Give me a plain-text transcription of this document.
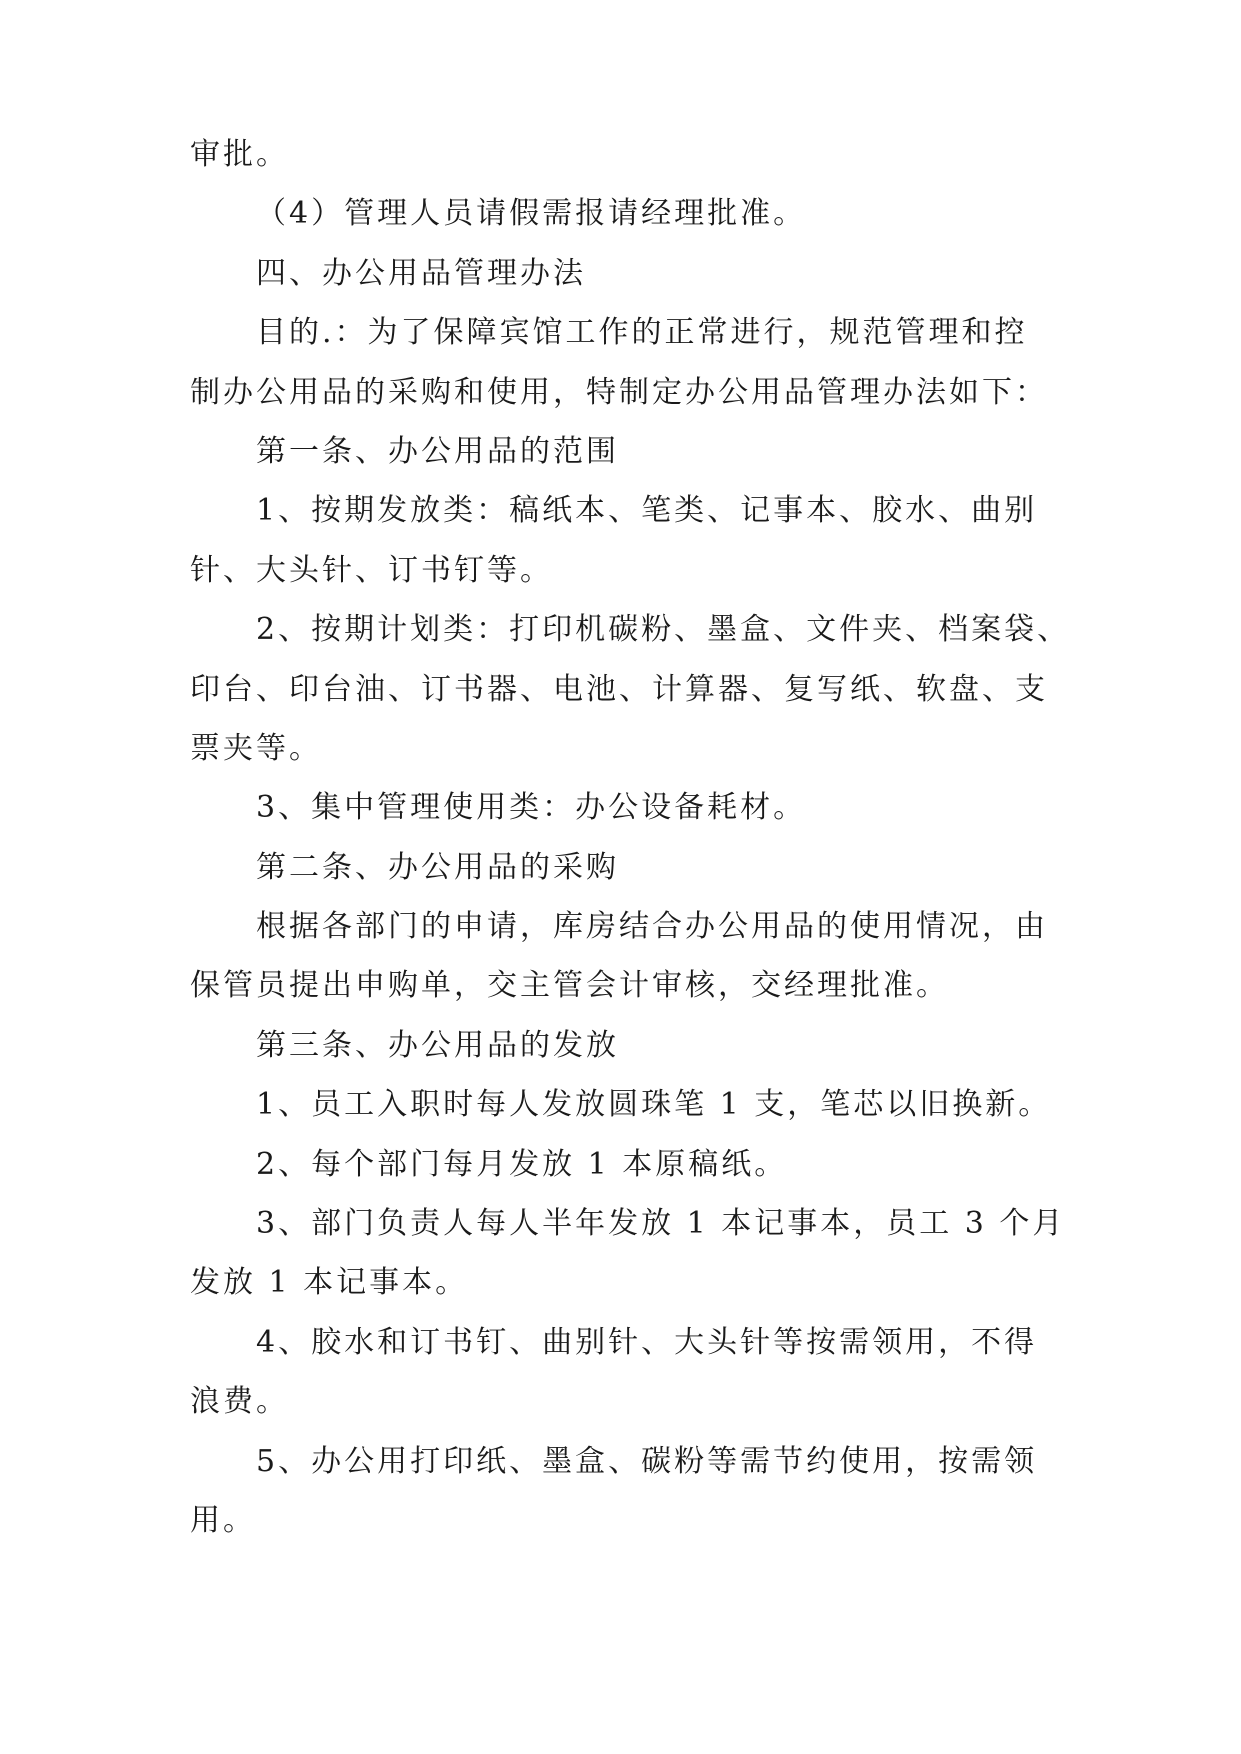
审批。
（4）管理人员请假需报请经理批准。
四、办公用品管理办法
目的.：为了保障宾馆工作的正常进行，规范管理和控
制办公用品的采购和使用，特制定办公用品管理办法如下：
第一条、办公用品的范围
1、按期发放类：稿纸本、笔类、记事本、胶水、曲别
针、大头针、订书钉等。
2、按期计划类：打印机碳粉、墨盒、文件夹、档案袋、
印台、印台油、订书器、电池、计算器、复写纸、软盘、支
票夹等。
3、集中管理使用类：办公设备耗材。
第二条、办公用品的采购
根据各部门的申请，库房结合办公用品的使用情况，由
保管员提出申购单，交主管会计审核，交经理批准。
第三条、办公用品的发放
1、员工入职时每人发放圆珠笔 1 支，笔芯以旧换新。
2、每个部门每月发放 1 本原稿纸。
3、部门负责人每人半年发放 1 本记事本，员工 3 个月
发放 1 本记事本。
4、胶水和订书钉、曲别针、大头针等按需领用，不得
浪费。
5、办公用打印纸、墨盒、碳粉等需节约使用，按需领
用。
